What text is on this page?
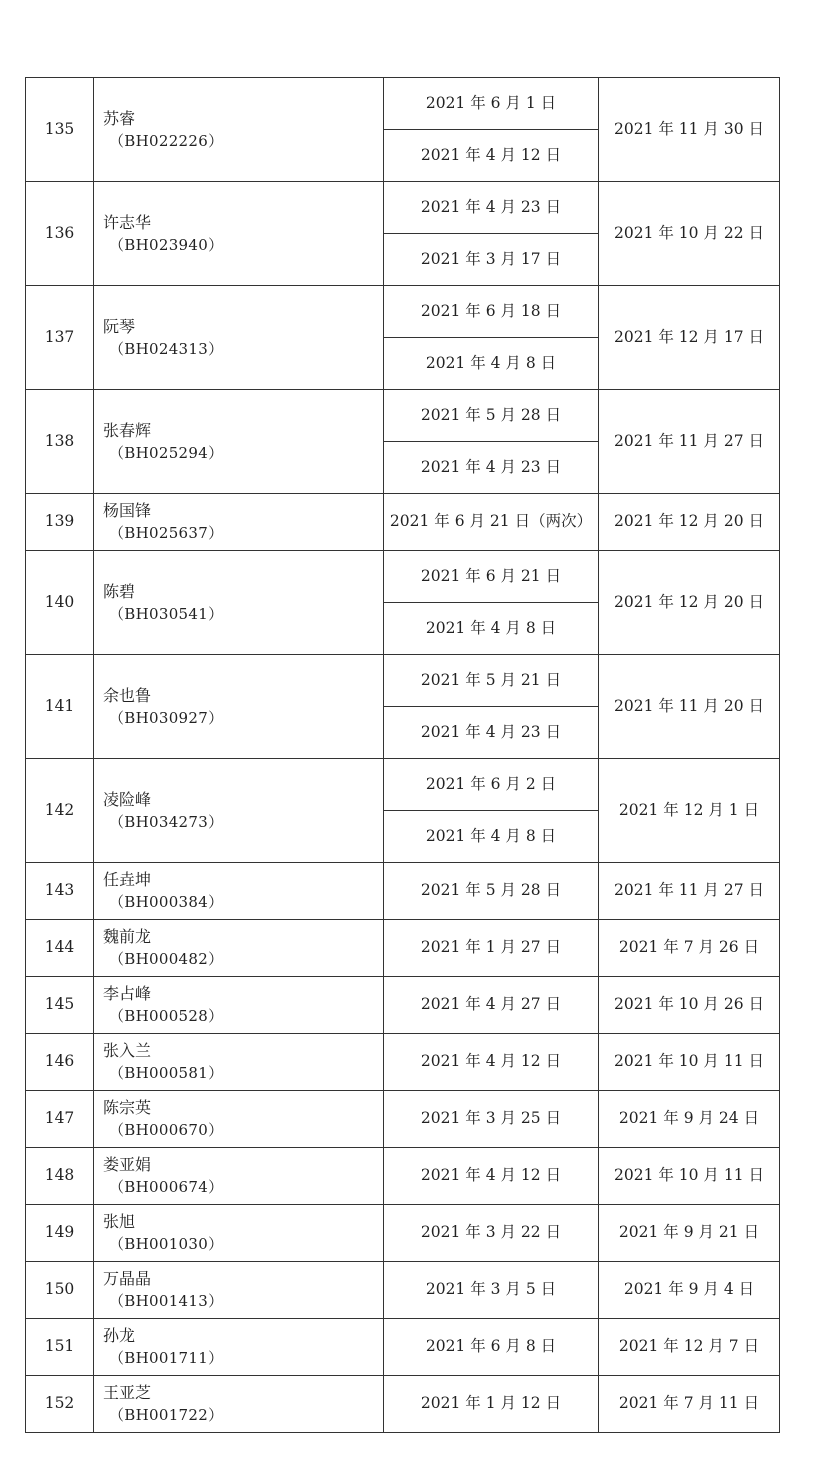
135	苏睿
（BH022226）	2021 年 6 月 1 日	2021 年 11 月 30 日
		2021 年 4 月 12 日	
136	许志华
（BH023940）	2021 年 4 月 23 日	2021 年 10 月 22 日
		2021 年 3 月 17 日	
137	阮琴
（BH024313）	2021 年 6 月 18 日	2021 年 12 月 17 日
		2021 年 4 月 8 日	
138	张春辉
（BH025294）	2021 年 5 月 28 日	2021 年 11 月 27 日
		2021 年 4 月 23 日	
139	杨国锋
（BH025637）	2021 年 6 月 21 日（两次）	2021 年 12 月 20 日
140	陈碧
（BH030541）	2021 年 6 月 21 日	2021 年 12 月 20 日
		2021 年 4 月 8 日	
141	余也鲁
（BH030927）	2021 年 5 月 21 日	2021 年 11 月 20 日
		2021 年 4 月 23 日	
142	凌险峰
（BH034273）	2021 年 6 月 2 日	2021 年 12 月 1 日
		2021 年 4 月 8 日	
143	任垚坤
（BH000384）	2021 年 5 月 28 日	2021 年 11 月 27 日
144	魏前龙
（BH000482）	2021 年 1 月 27 日	2021 年 7 月 26 日
145	李占峰
（BH000528）	2021 年 4 月 27 日	2021 年 10 月 26 日
146	张入兰
（BH000581）	2021 年 4 月 12 日	2021 年 10 月 11 日
147	陈宗英
（BH000670）	2021 年 3 月 25 日	2021 年 9 月 24 日
148	娄亚娟
（BH000674）	2021 年 4 月 12 日	2021 年 10 月 11 日
149	张旭
（BH001030）	2021 年 3 月 22 日	2021 年 9 月 21 日
150	万晶晶
（BH001413）	2021 年 3 月 5 日	2021 年 9 月 4 日
151	孙龙
（BH001711）	2021 年 6 月 8 日	2021 年 12 月 7 日
152	王亚芝
（BH001722）	2021 年 1 月 12 日	2021 年 7 月 11 日
